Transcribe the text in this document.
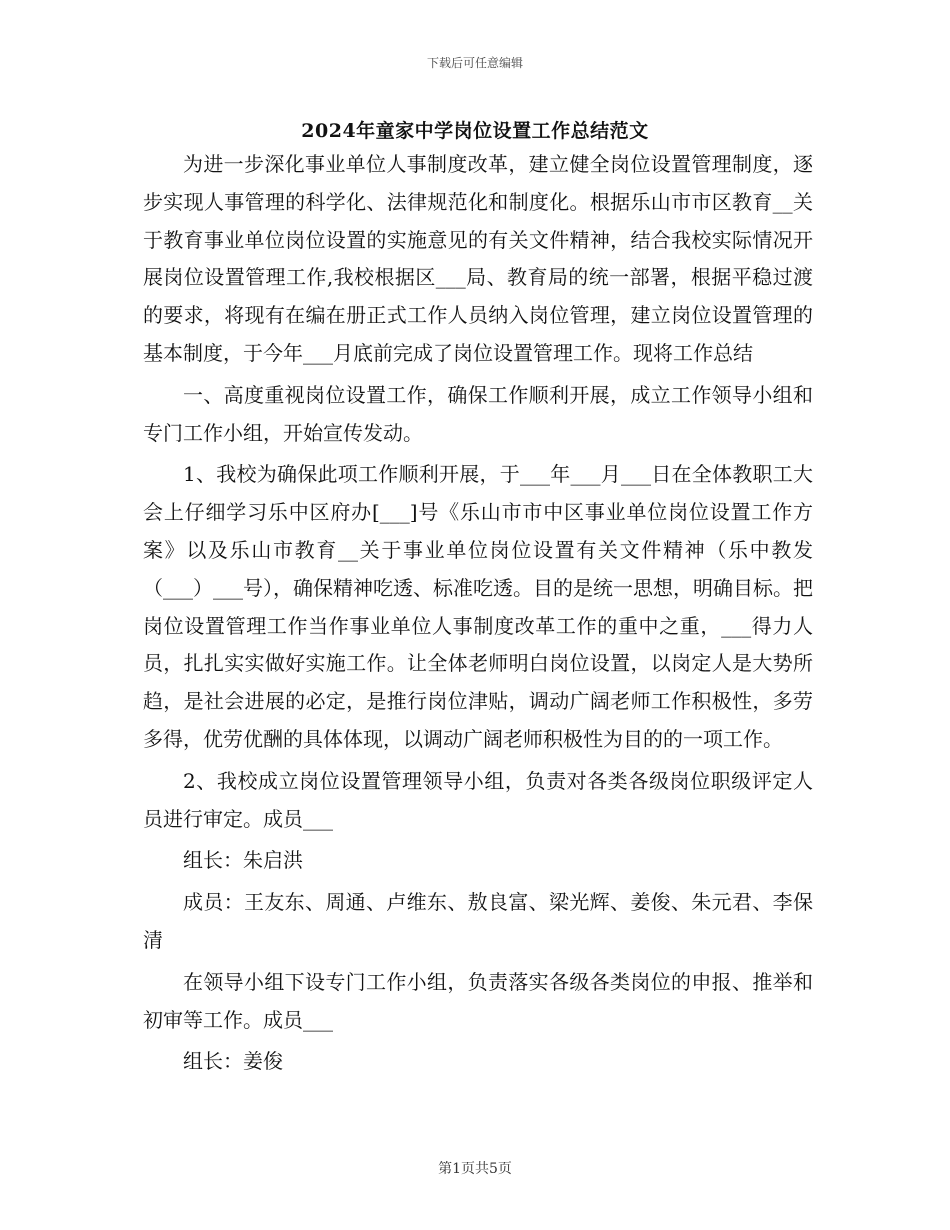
下载后可任意编辑
2024年童家中学岗位设置工作总结范文

为进一步深化事业单位人事制度改革，建立健全岗位设置管理制度，逐步实现人事管理的科学化、法律规范化和制度化。根据乐山市市区教育__关于教育事业单位岗位设置的实施意见的有关文件精神，结合我校实际情况开展岗位设置管理工作,我校根据区___局、教育局的统一部署，根据平稳过渡的要求，将现有在编在册正式工作人员纳入岗位管理，建立岗位设置管理的基本制度，于今年___月底前完成了岗位设置管理工作。现将工作总结

一、高度重视岗位设置工作，确保工作顺利开展，成立工作领导小组和专门工作小组，开始宣传发动。

1、我校为确保此项工作顺利开展，于___年___月___日在全体教职工大会上仔细学习乐中区府办[___]号《乐山市市中区事业单位岗位设置工作方案》以及乐山市教育__关于事业单位岗位设置有关文件精神（乐中教发（___）___号），确保精神吃透、标准吃透。目的是统一思想，明确目标。把岗位设置管理工作当作事业单位人事制度改革工作的重中之重，___得力人员，扎扎实实做好实施工作。让全体老师明白岗位设置，以岗定人是大势所趋，是社会进展的必定，是推行岗位津贴，调动广阔老师工作积极性，多劳多得，优劳优酬的具体体现，以调动广阔老师积极性为目的的一项工作。

2、我校成立岗位设置管理领导小组，负责对各类各级岗位职级评定人员进行审定。成员___

组长：朱启洪

成员：王友东、周通、卢维东、敖良富、梁光辉、姜俊、朱元君、李保清

在领导小组下设专门工作小组，负责落实各级各类岗位的申报、推举和初审等工作。成员___

组长：姜俊

第1页共5页
